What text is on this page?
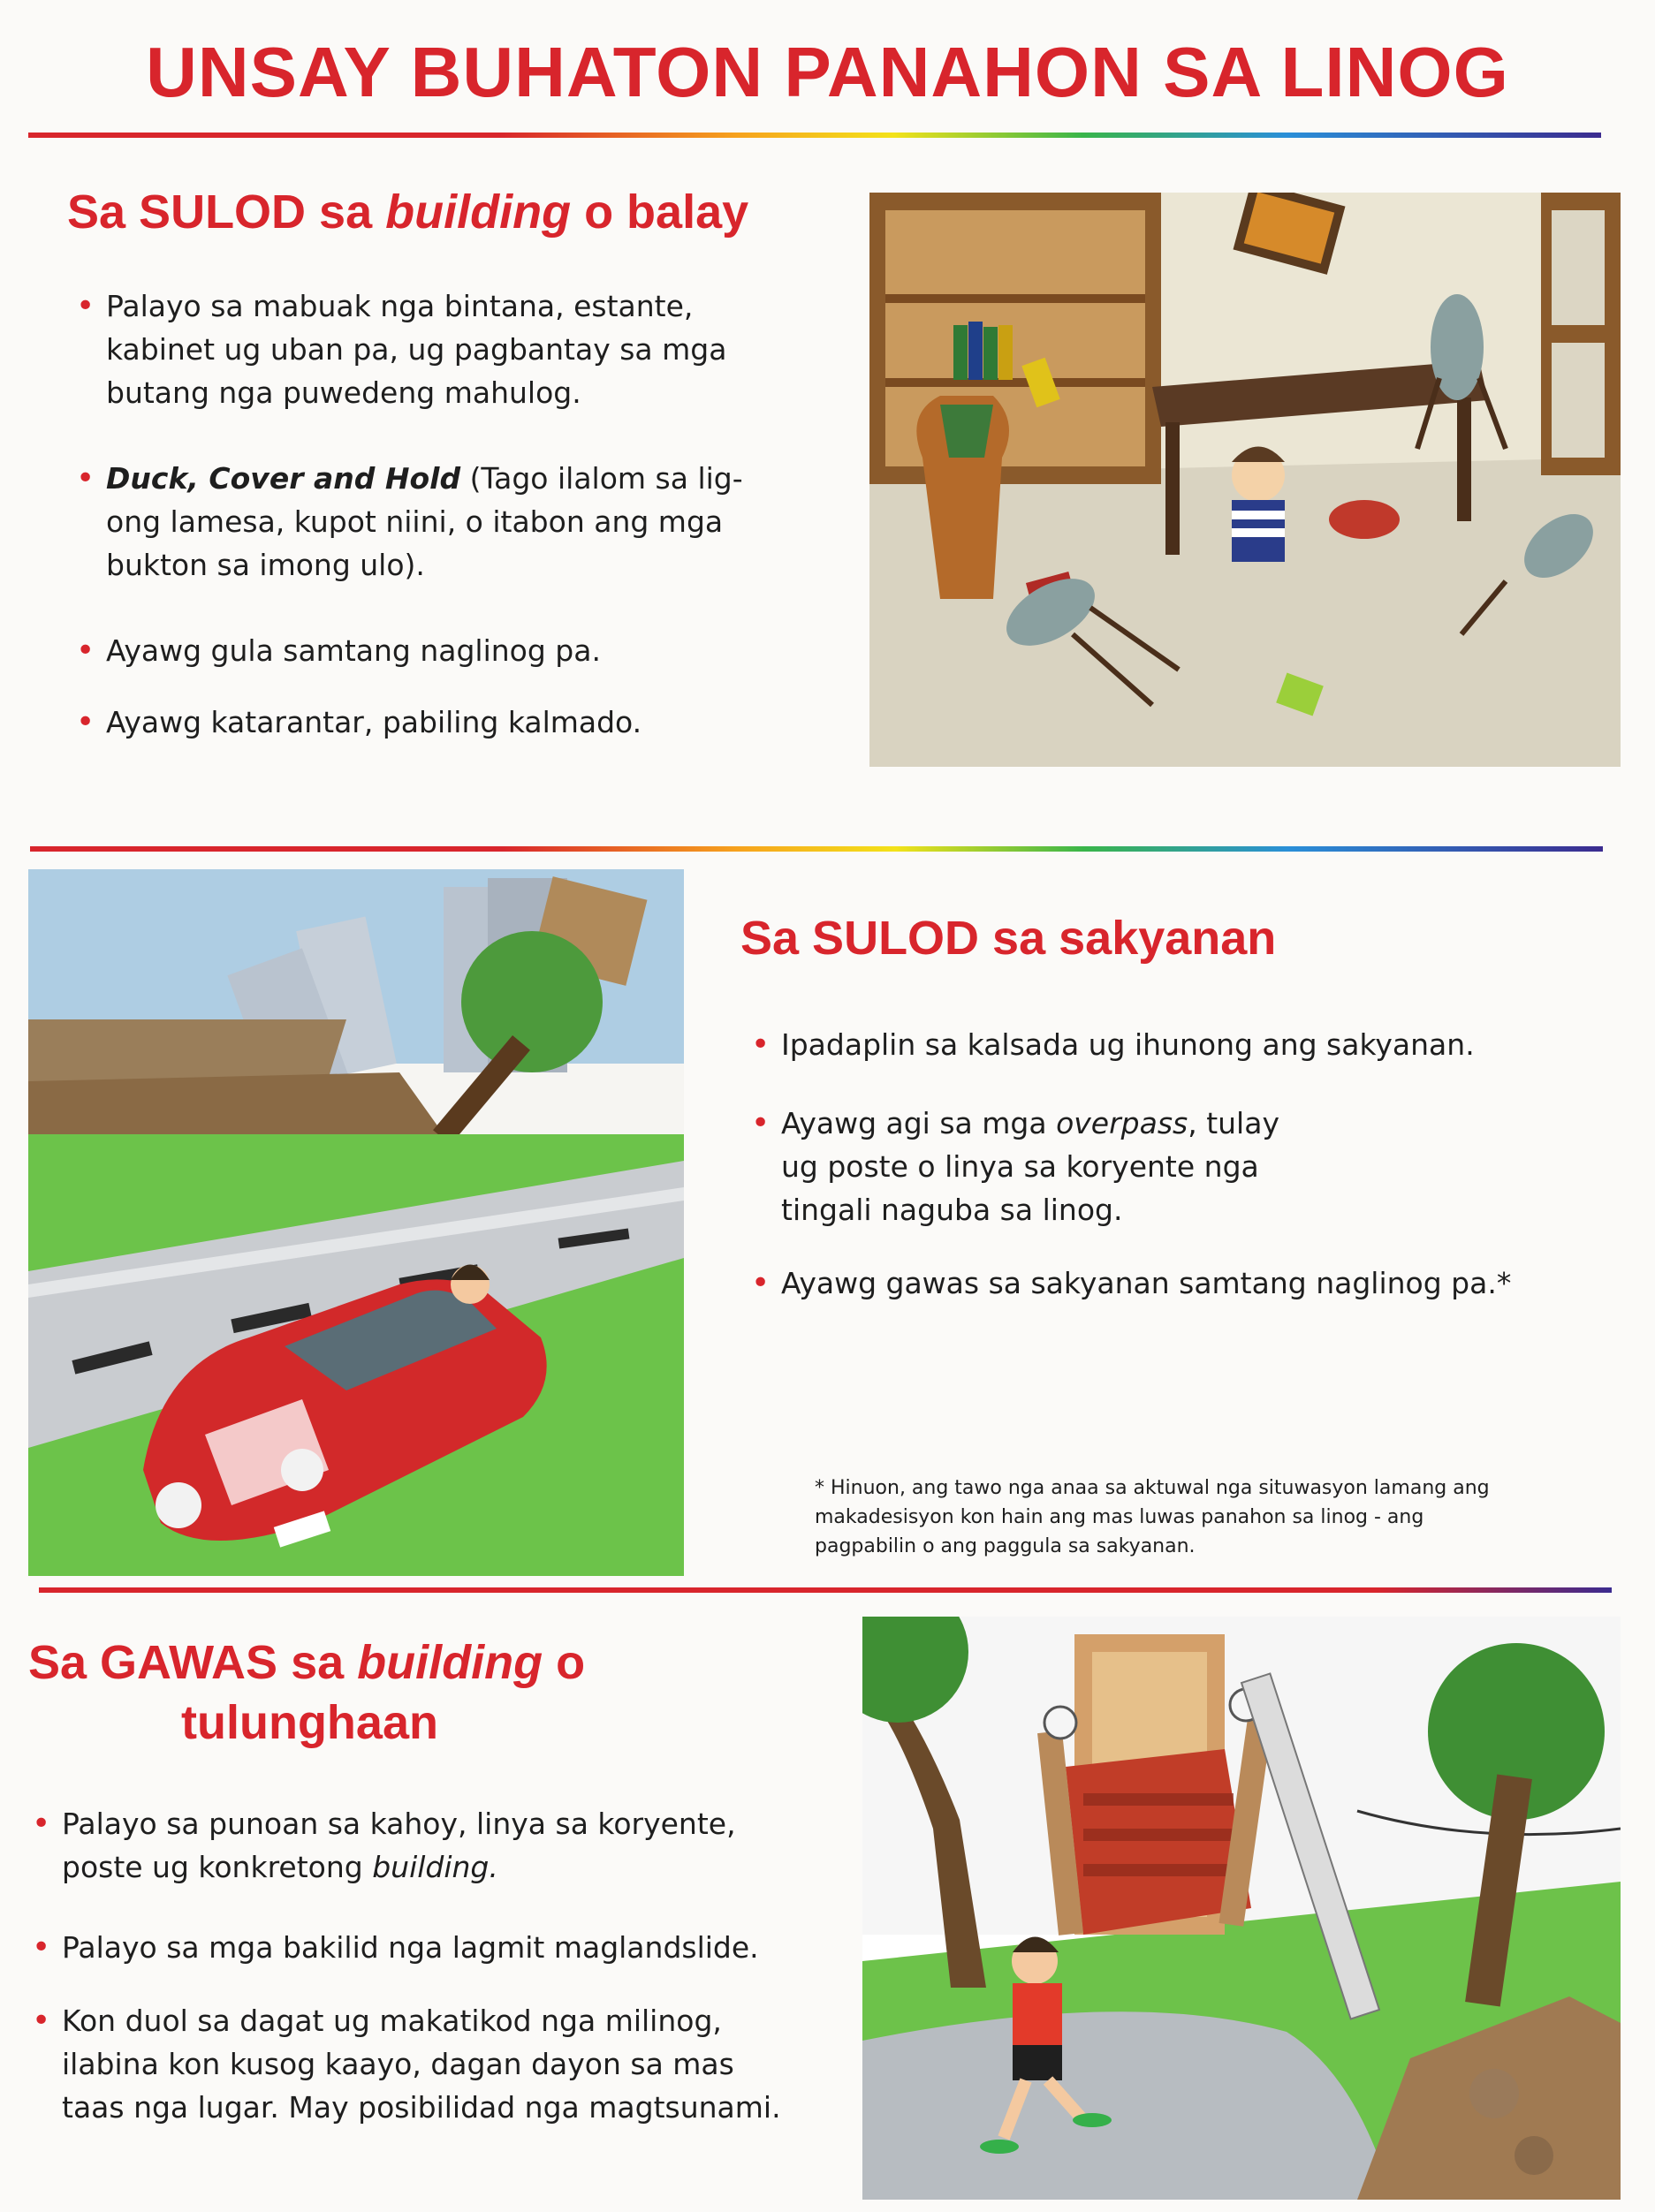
UNSAY BUHATON PANAHON SA LINOG
Sa SULOD sa building o balay
• Palayo sa mabuak nga bintana, estante, kabinet ug uban pa, ug pagbantay sa mga butang nga puwedeng mahulog.
• Duck, Cover and Hold (Tago ilalom sa lig-ong lamesa, kupot niini, o itabon ang mga bukton sa imong ulo).
• Ayawg gula samtang naglinog pa.
• Ayawg katarantar, pabiling kalmado.
Sa SULOD sa sakyanan
• Ipadaplin sa kalsada ug ihunong ang sakyanan.
• Ayawg agi sa mga overpass, tulay ug poste o linya sa koryente nga tingali naguba sa linog.
• Ayawg gawas sa sakyanan samtang naglinog pa.*
* Hinuon, ang tawo nga anaa sa aktuwal nga situwasyon lamang ang makadesisyon kon hain ang mas luwas panahon sa linog - ang pagpabilin o ang paggula sa sakyanan.
Sa GAWAS sa building o
tulunghaan
• Palayo sa punoan sa kahoy, linya sa koryente, poste ug konkretong building.
• Palayo sa mga bakilid nga lagmit maglandslide.
• Kon duol sa dagat ug makatikod nga milinog, ilabina kon kusog kaayo, dagan dayon sa mas taas nga lugar. May posibilidad nga magtsunami.
